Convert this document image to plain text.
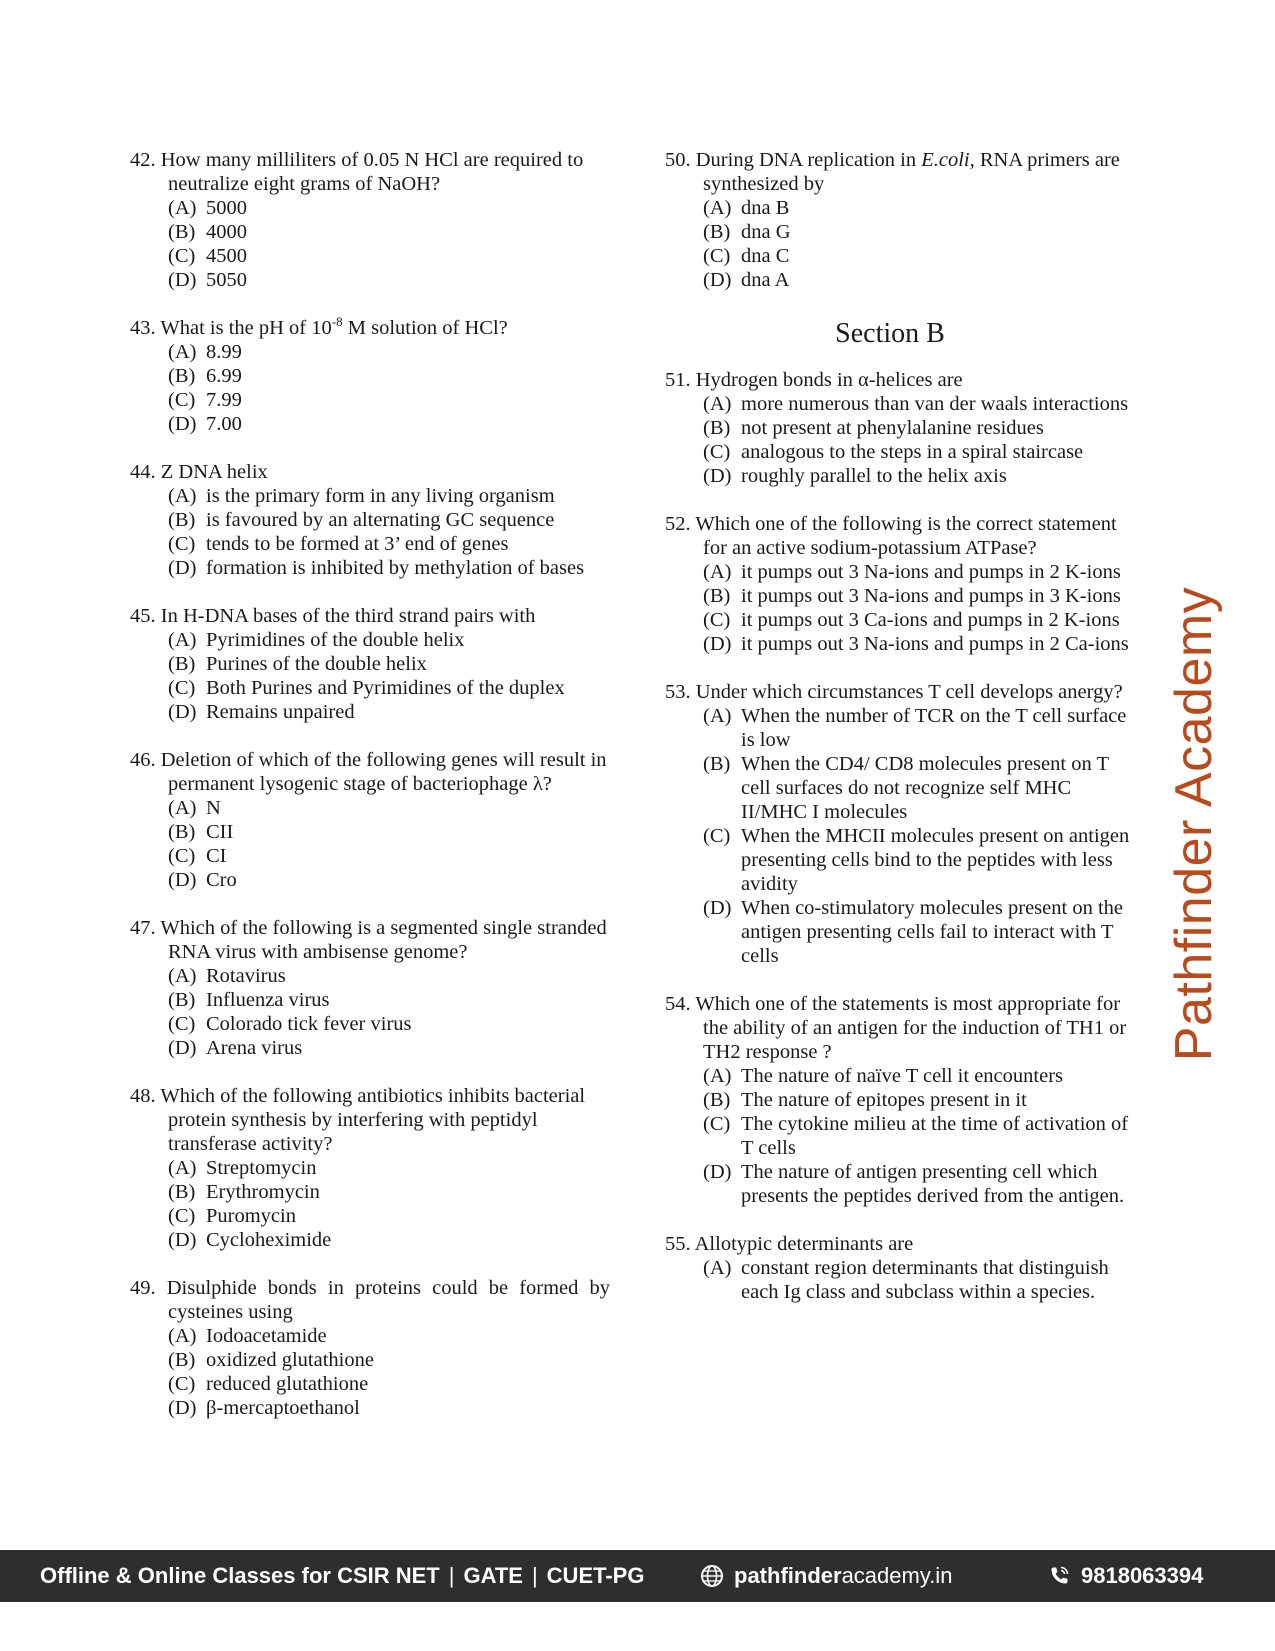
42. How many milliliters of 0.05 N HCl are required to neutralize eight grams of NaOH?
(A) 5000
(B) 4000
(C) 4500
(D) 5050
43. What is the pH of $10^{-8}$ M solution of HCl?
(A) 8.99
(B) 6.99
(C) 7.99
(D) 7.00
44. Z DNA helix
(A) is the primary form in any living organism
(B) is favoured by an alternating GC sequence
(C) tends to be formed at 3’ end of genes
(D) formation is inhibited by methylation of bases
45. In H-DNA bases of the third strand pairs with
(A) Pyrimidines of the double helix
(B) Purines of the double helix
(C) Both Purines and Pyrimidines of the duplex
(D) Remains unpaired
46. Deletion of which of the following genes will result in permanent lysogenic stage of bacteriophage λ?
(A) N
(B) CII
(C) CI
(D) Cro
47. Which of the following is a segmented single stranded RNA virus with ambisense genome?
(A) Rotavirus
(B) Influenza virus
(C) Colorado tick fever virus
(D) Arena virus
48. Which of the following antibiotics inhibits bacterial protein synthesis by interfering with peptidyl transferase activity?
(A) Streptomycin
(B) Erythromycin
(C) Puromycin
(D) Cycloheximide
49. Disulphide bonds in proteins could be formed by cysteines using
(A) Iodoacetamide
(B) oxidized glutathione
(C) reduced glutathione
(D) β-mercaptoethanol
50. During DNA replication in E.coli, RNA primers are synthesized by
(A) dna B
(B) dna G
(C) dna C
(D) dna A
Section B
51. Hydrogen bonds in α-helices are
(A) more numerous than van der waals interactions
(B) not present at phenylalanine residues
(C) analogous to the steps in a spiral staircase
(D) roughly parallel to the helix axis
52. Which one of the following is the correct statement for an active sodium-potassium ATPase?
(A) it pumps out 3 Na-ions and pumps in 2 K-ions
(B) it pumps out 3 Na-ions and pumps in 3 K-ions
(C) it pumps out 3 Ca-ions and pumps in 2 K-ions
(D) it pumps out 3 Na-ions and pumps in 2 Ca-ions
53. Under which circumstances T cell develops anergy?
(A) When the number of TCR on the T cell surface is low
(B) When the CD4/ CD8 molecules present on T cell surfaces do not recognize self MHC II/MHC I molecules
(C) When the MHCII molecules present on antigen presenting cells bind to the peptides with less avidity
(D) When co-stimulatory molecules present on the antigen presenting cells fail to interact with T cells
54. Which one of the statements is most appropriate for the ability of an antigen for the induction of TH1 or TH2 response ?
(A) The nature of naïve T cell it encounters
(B) The nature of epitopes present in it
(C) The cytokine milieu at the time of activation of T cells
(D) The nature of antigen presenting cell which presents the peptides derived from the antigen.
55. Allotypic determinants are
(A) constant region determinants that distinguish each Ig class and subclass within a species.
Pathfinder Academy
Offline & Online Classes for CSIR NET | GATE | CUET-PG	pathfinder academy.in	9818063394
